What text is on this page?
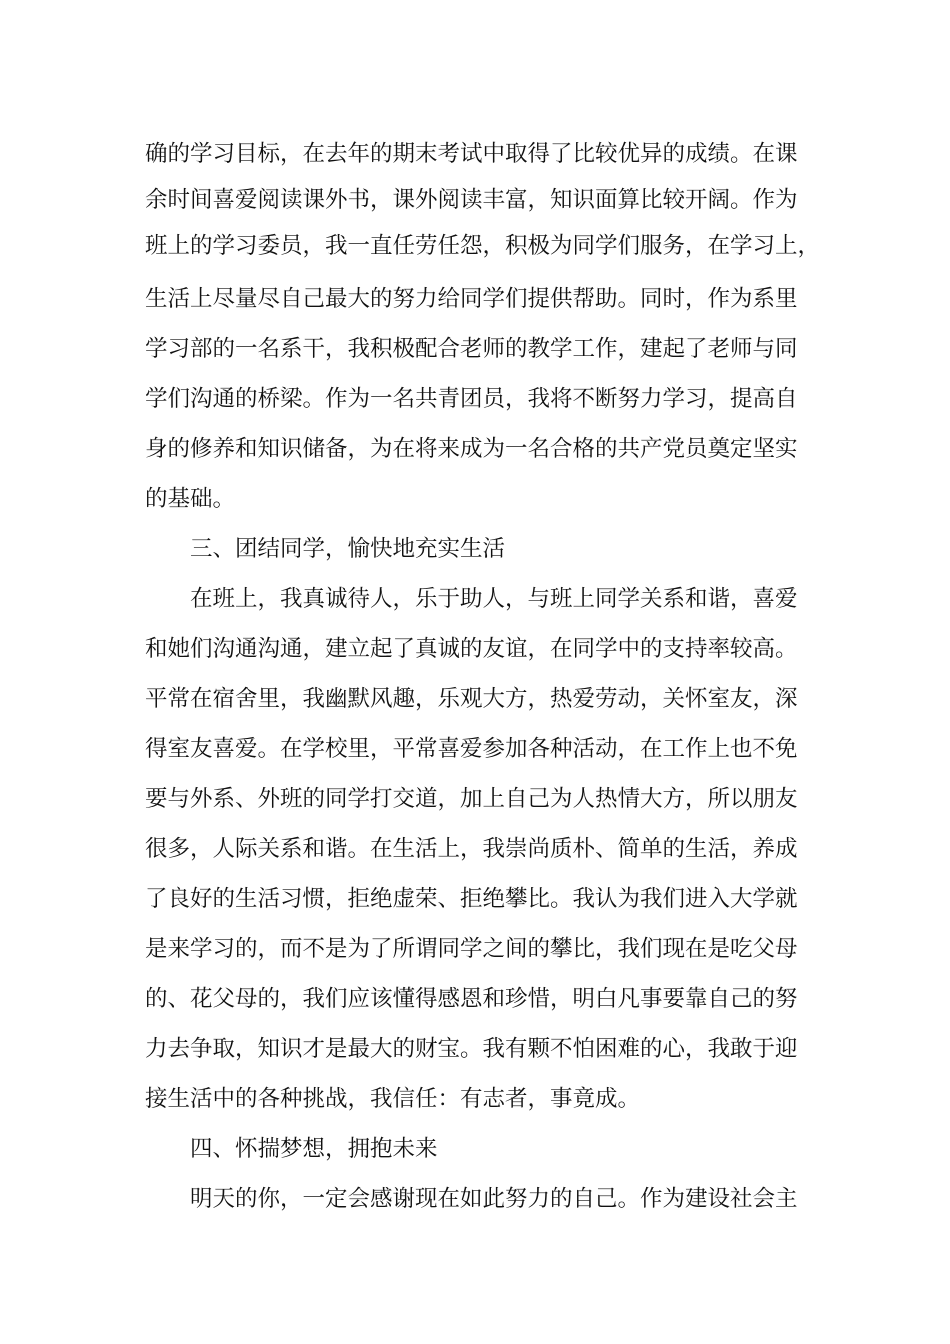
确的学习目标，在去年的期末考试中取得了比较优异的成绩。在课
余时间喜爱阅读课外书，课外阅读丰富，知识面算比较开阔。作为
班上的学习委员，我一直任劳任怨，积极为同学们服务，在学习上，
生活上尽量尽自己最大的努力给同学们提供帮助。同时，作为系里
学习部的一名系干，我积极配合老师的教学工作，建起了老师与同
学们沟通的桥梁。作为一名共青团员，我将不断努力学习，提高自
身的修养和知识储备，为在将来成为一名合格的共产党员奠定坚实
的基础。
三、团结同学，愉快地充实生活
在班上，我真诚待人，乐于助人，与班上同学关系和谐，喜爱
和她们沟通沟通，建立起了真诚的友谊，在同学中的支持率较高。
平常在宿舍里，我幽默风趣，乐观大方，热爱劳动，关怀室友，深
得室友喜爱。在学校里，平常喜爱参加各种活动，在工作上也不免
要与外系、外班的同学打交道，加上自己为人热情大方，所以朋友
很多，人际关系和谐。在生活上，我崇尚质朴、简单的生活，养成
了良好的生活习惯，拒绝虚荣、拒绝攀比。我认为我们进入大学就
是来学习的，而不是为了所谓同学之间的攀比，我们现在是吃父母
的、花父母的，我们应该懂得感恩和珍惜，明白凡事要靠自己的努
力去争取，知识才是最大的财宝。我有颗不怕困难的心，我敢于迎
接生活中的各种挑战，我信任：有志者，事竟成。
四、怀揣梦想，拥抱未来
明天的你，一定会感谢现在如此努力的自己。作为建设社会主
